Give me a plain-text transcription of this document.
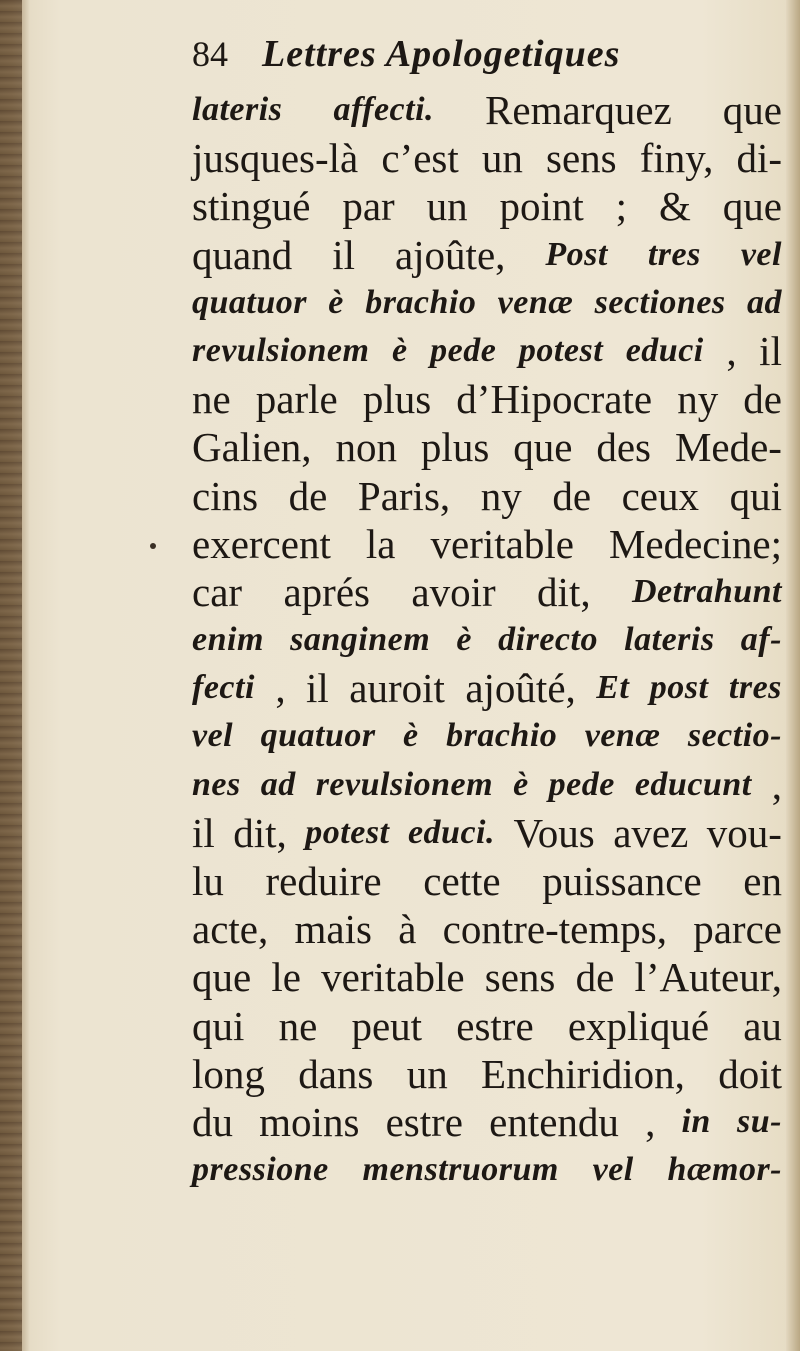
84 Lettres Apologetiques
lateris affecti. Remarquez que
jusques-là c’est un sens finy, di-
stingué par un point ; & que
quand il ajoûte, Post tres vel
quatuor è brachio venæ sectiones ad
revulsionem è pede potest educi , il
ne parle plus d’Hipocrate ny de
Galien, non plus que des Mede-
cins de Paris, ny de ceux qui
exercent la veritable Medecine;
car aprés avoir dit, Detrahunt
enim sanginem è directo lateris af-
fecti , il auroit ajoûté, Et post tres
vel quatuor è brachio venæ sectio-
nes ad revulsionem è pede educunt ,
il dit, potest educi. Vous avez vou-
lu reduire cette puissance en
acte, mais à contre-temps, parce
que le veritable sens de l’Auteur,
qui ne peut estre expliqué au
long dans un Enchiridion, doit
du moins estre entendu , in su-
pressione menstruorum vel hæmor-
